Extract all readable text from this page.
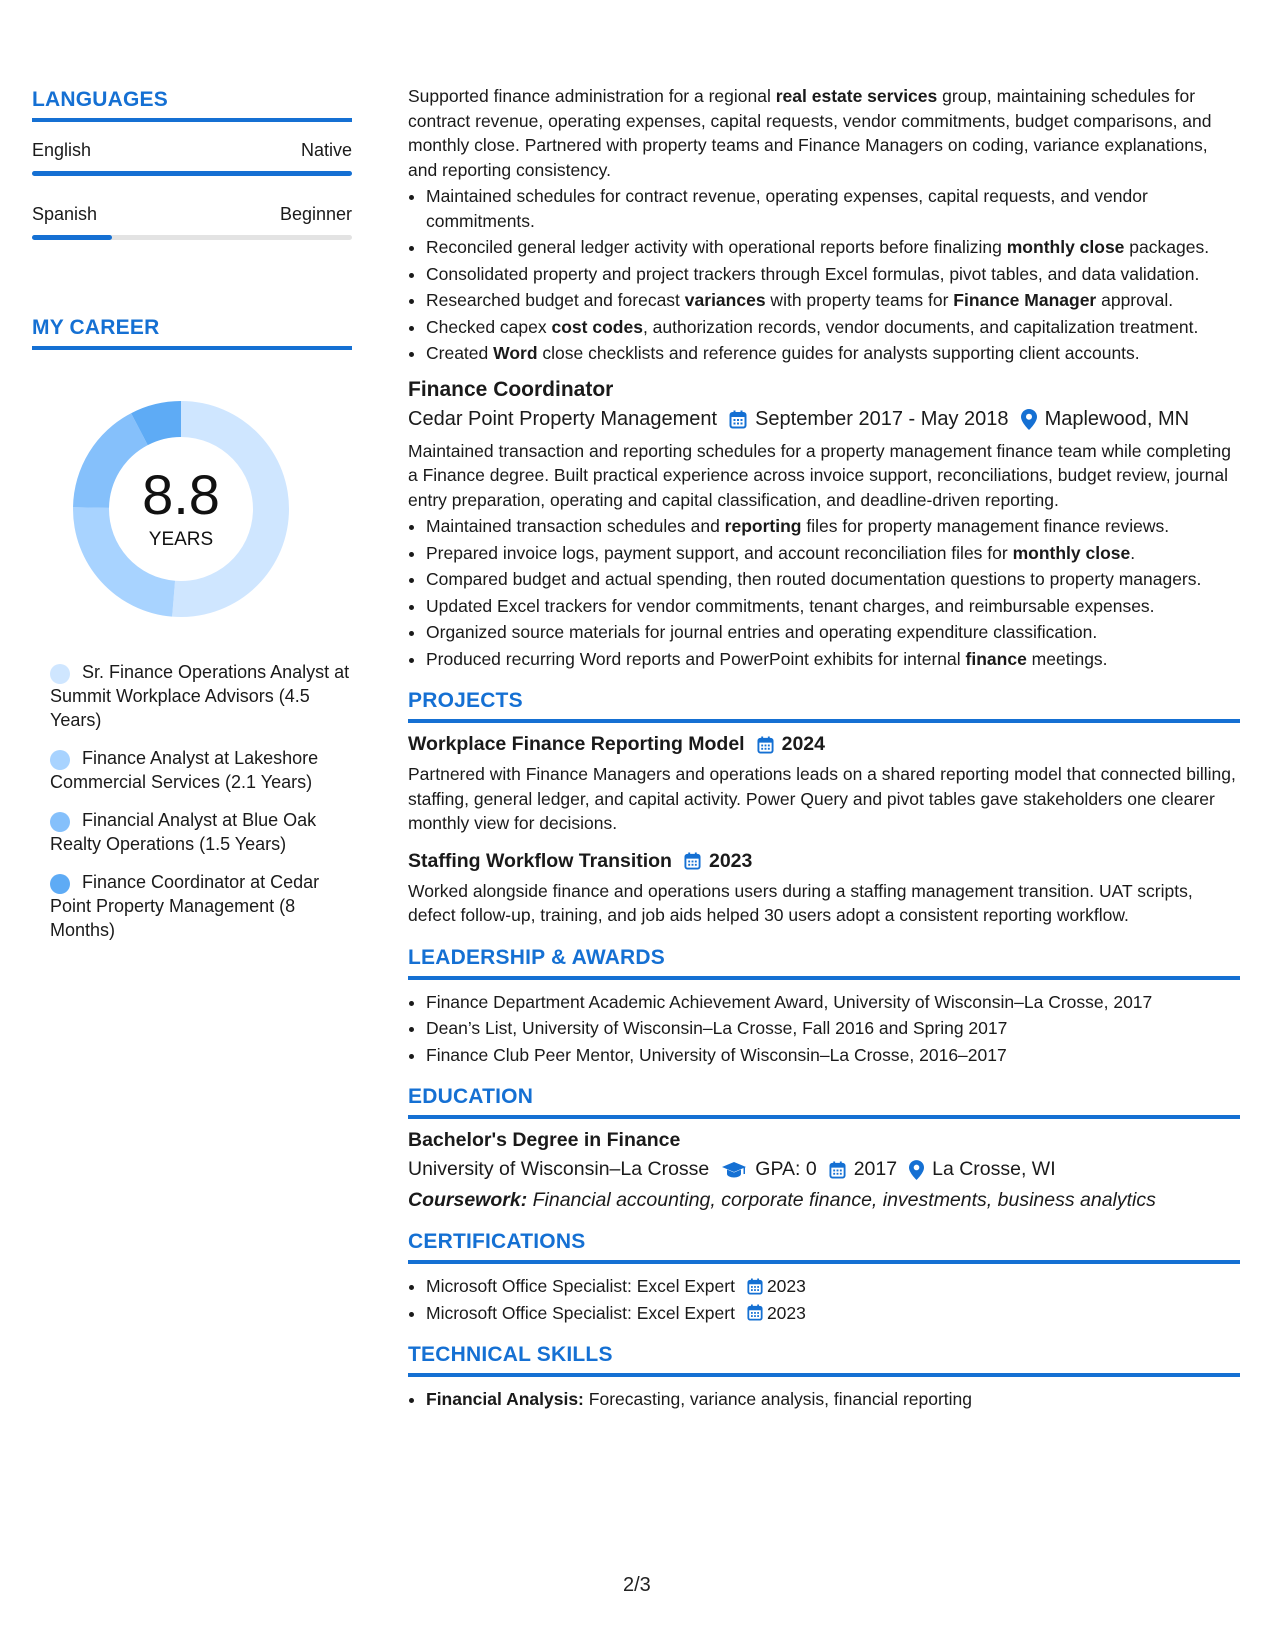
LANGUAGES
English	Native
Spanish	Beginner
MY CAREER
8.8
YEARS
Sr. Finance Operations Analyst at Summit Workplace Advisors (4.5 Years)
Finance Analyst at Lakeshore Commercial Services (2.1 Years)
Financial Analyst at Blue Oak Realty Operations (1.5 Years)
Finance Coordinator at Cedar Point Property Management (8 Months)

Supported finance administration for a regional real estate services group, maintaining schedules for contract revenue, operating expenses, capital requests, vendor commitments, budget comparisons, and monthly close. Partnered with property teams and Finance Managers on coding, variance explanations, and reporting consistency.

• Maintained schedules for contract revenue, operating expenses, capital requests, and vendor commitments.
• Reconciled general ledger activity with operational reports before finalizing monthly close packages.
• Consolidated property and project trackers through Excel formulas, pivot tables, and data validation.
• Researched budget and forecast variances with property teams for Finance Manager approval.
• Checked capex cost codes, authorization records, vendor documents, and capitalization treatment.
• Created Word close checklists and reference guides for analysts supporting client accounts.
Finance Coordinator
Cedar Point Property Management September 2017 - May 2018 Maplewood, MN

Maintained transaction and reporting schedules for a property management finance team while completing a Finance degree. Built practical experience across invoice support, reconciliations, budget review, journal entry preparation, operating and capital classification, and deadline-driven reporting.

• Maintained transaction schedules and reporting files for property management finance reviews.
• Prepared invoice logs, payment support, and account reconciliation files for monthly close.
• Compared budget and actual spending, then routed documentation questions to property managers.
• Updated Excel trackers for vendor commitments, tenant charges, and reimbursable expenses.
• Organized source materials for journal entries and operating expenditure classification.
• Produced recurring Word reports and PowerPoint exhibits for internal finance meetings.
PROJECTS
Workplace Finance Reporting Model 2024

Partnered with Finance Managers and operations leads on a shared reporting model that connected billing, staffing, general ledger, and capital activity. Power Query and pivot tables gave stakeholders one clearer monthly view for decisions.

Staffing Workflow Transition 2023

Worked alongside finance and operations users during a staffing management transition. UAT scripts, defect follow-up, training, and job aids helped 30 users adopt a consistent reporting workflow.

LEADERSHIP & AWARDS
• Finance Department Academic Achievement Award, University of Wisconsin–La Crosse, 2017
• Dean’s List, University of Wisconsin–La Crosse, Fall 2016 and Spring 2017
• Finance Club Peer Mentor, University of Wisconsin–La Crosse, 2016–2017
EDUCATION
Bachelor's Degree in Finance
University of Wisconsin–La Crosse GPA: 0 2017 La Crosse, WI
Coursework: Financial accounting, corporate finance, investments, business analytics
CERTIFICATIONS
• Microsoft Office Specialist: Excel Expert 2023
• Microsoft Office Specialist: Excel Expert 2023
TECHNICAL SKILLS
• Financial Analysis: Forecasting, variance analysis, financial reporting
2/3
